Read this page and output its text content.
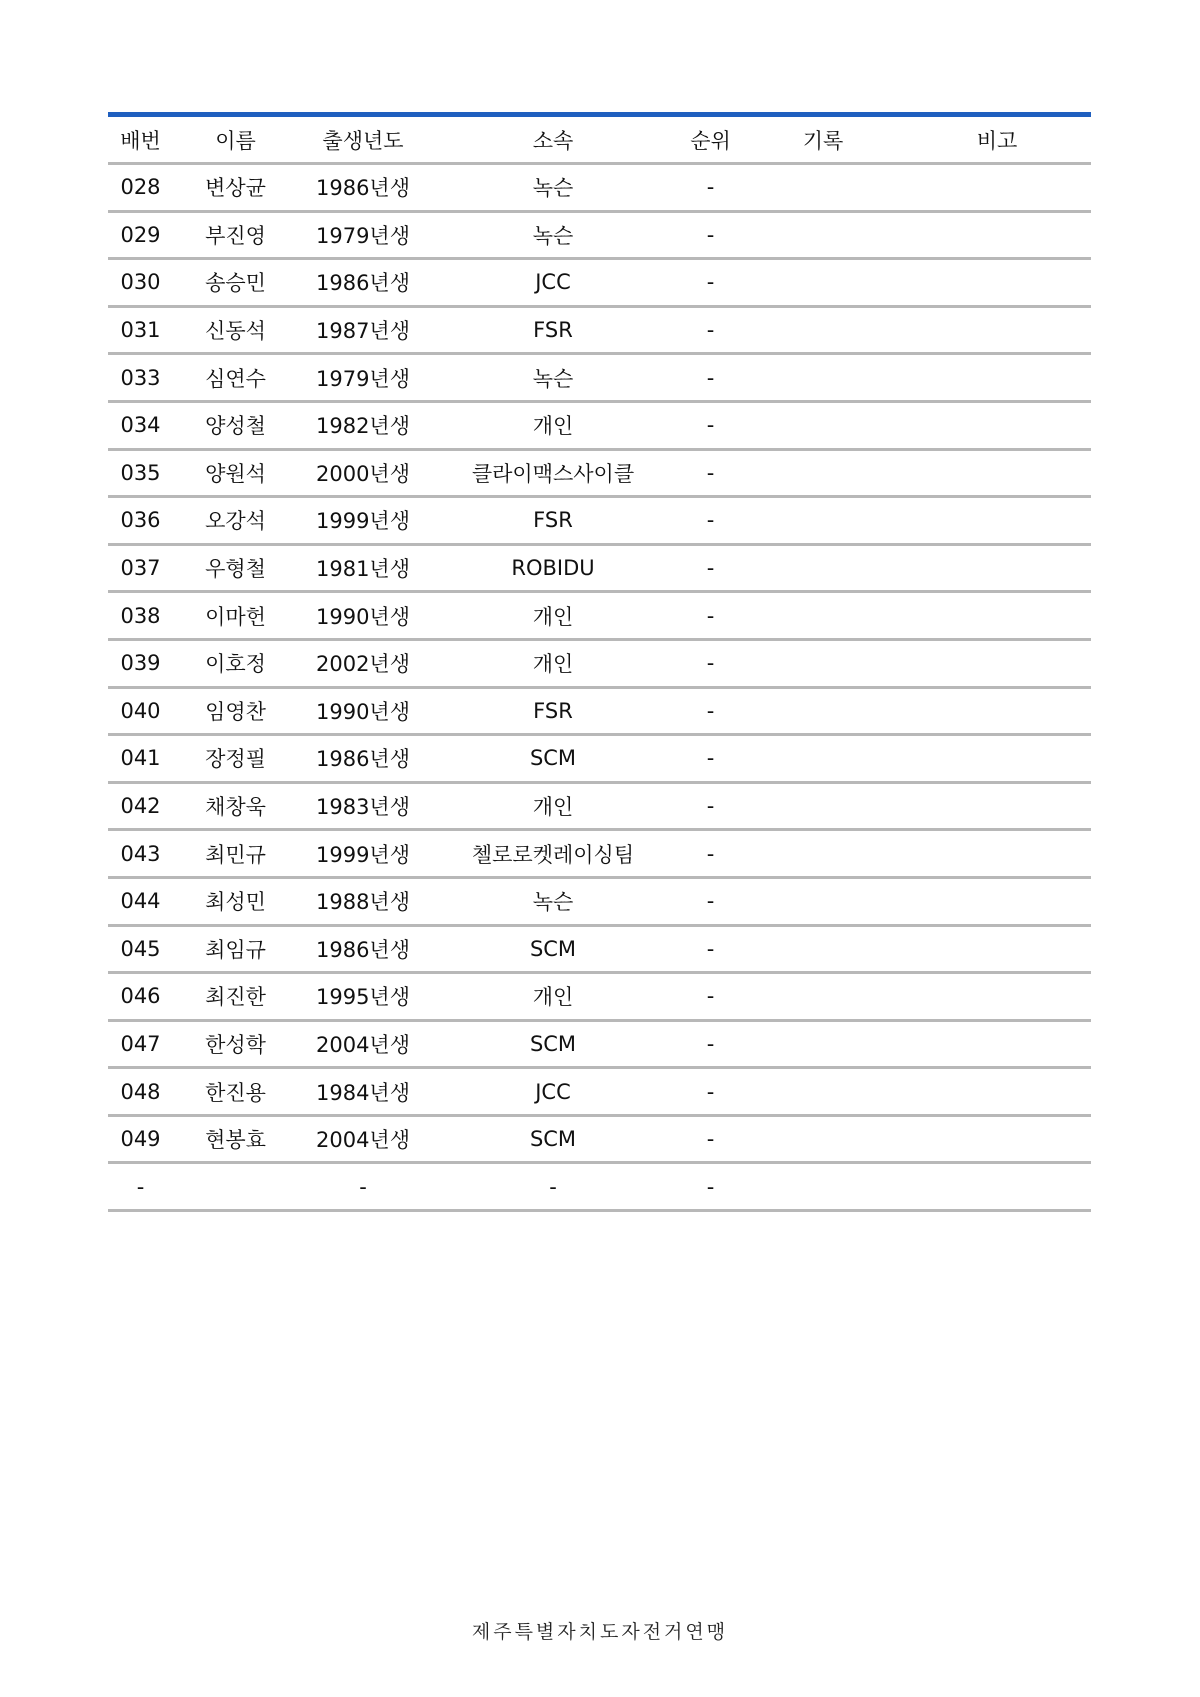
배번	이름	출생년도	소속	순위	기록	비고
028	변상균	1986년생	녹슨	-		
029	부진영	1979년생	녹슨	-		
030	송승민	1986년생	JCC	-		
031	신동석	1987년생	FSR	-		
033	심연수	1979년생	녹슨	-		
034	양성철	1982년생	개인	-		
035	양원석	2000년생	클라이맥스사이클	-		
036	오강석	1999년생	FSR	-		
037	우형철	1981년생	ROBIDU	-		
038	이마헌	1990년생	개인	-		
039	이호정	2002년생	개인	-		
040	임영찬	1990년생	FSR	-		
041	장정필	1986년생	SCM	-		
042	채창욱	1983년생	개인	-		
043	최민규	1999년생	첼로로켓레이싱팀	-		
044	최성민	1988년생	녹슨	-		
045	최임규	1986년생	SCM	-		
046	최진한	1995년생	개인	-		
047	한성학	2004년생	SCM	-		
048	한진용	1984년생	JCC	-		
049	현봉효	2004년생	SCM	-		
-		-	-	-		
제주특별자치도자전거연맹
